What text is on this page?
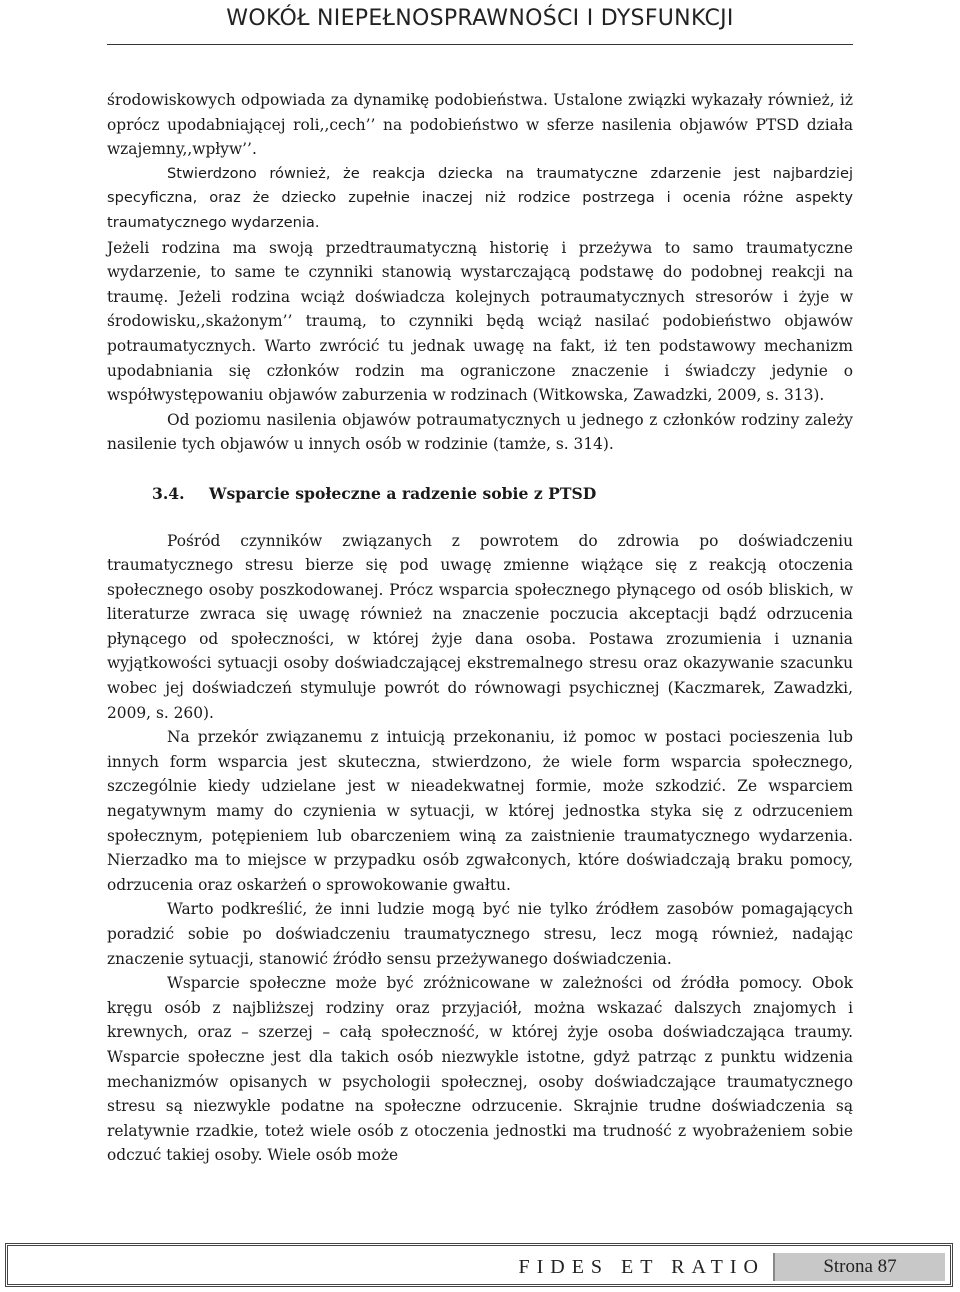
WOKÓŁ NIEPEŁNOSPRAWNOŚCI I DYSFUNKCJI

środowiskowych odpowiada za dynamikę podobieństwa. Ustalone związki wykazały również, iż oprócz upodabniającej roli,,cech’’ na podobieństwo w sferze nasilenia objawów PTSD działa wzajemny,,wpływ’’.

Stwierdzono również, że reakcja dziecka na traumatyczne zdarzenie jest najbardziej specyficzna, oraz że dziecko zupełnie inaczej niż rodzice postrzega i ocenia różne aspekty traumatycznego wydarzenia.

Jeżeli rodzina ma swoją przedtraumatyczną historię i przeżywa to samo traumatyczne wydarzenie, to same te czynniki stanowią wystarczającą podstawę do podobnej reakcji na traumę. Jeżeli rodzina wciąż doświadcza kolejnych potraumatycznych stresorów i żyje w środowisku,,skażonym’’ traumą, to czynniki będą wciąż nasilać podobieństwo objawów potraumatycznych. Warto zwrócić tu jednak uwagę na fakt, iż ten podstawowy mechanizm upodabniania się członków rodzin ma ograniczone znaczenie i świadczy jedynie o współwystępowaniu objawów zaburzenia w rodzinach (Witkowska, Zawadzki, 2009, s. 313).

Od poziomu nasilenia objawów potraumatycznych u jednego z członków rodziny zależy nasilenie tych objawów u innych osób w rodzinie (tamże, s. 314).

3.4. Wsparcie społeczne a radzenie sobie z PTSD

Pośród czynników związanych z powrotem do zdrowia po doświadczeniu traumatycznego stresu bierze się pod uwagę zmienne wiążące się z reakcją otoczenia społecznego osoby poszkodowanej. Prócz wsparcia społecznego płynącego od osób bliskich, w literaturze zwraca się uwagę również na znaczenie poczucia akceptacji bądź odrzucenia płynącego od społeczności, w której żyje dana osoba. Postawa zrozumienia i uznania wyjątkowości sytuacji osoby doświadczającej ekstremalnego stresu oraz okazywanie szacunku wobec jej doświadczeń stymuluje powrót do równowagi psychicznej (Kaczmarek, Zawadzki, 2009, s. 260).

Na przekór związanemu z intuicją przekonaniu, iż pomoc w postaci pocieszenia lub innych form wsparcia jest skuteczna, stwierdzono, że wiele form wsparcia społecznego, szczególnie kiedy udzielane jest w nieadekwatnej formie, może szkodzić. Ze wsparciem negatywnym mamy do czynienia w sytuacji, w której jednostka styka się z odrzuceniem społecznym, potępieniem lub obarczeniem winą za zaistnienie traumatycznego wydarzenia. Nierzadko ma to miejsce w przypadku osób zgwałconych, które doświadczają braku pomocy, odrzucenia oraz oskarżeń o sprowokowanie gwałtu.

Warto podkreślić, że inni ludzie mogą być nie tylko źródłem zasobów pomagających poradzić sobie po doświadczeniu traumatycznego stresu, lecz mogą również, nadając znaczenie sytuacji, stanowić źródło sensu przeżywanego doświadczenia.

Wsparcie społeczne może być zróżnicowane w zależności od źródła pomocy. Obok kręgu osób z najbliższej rodziny oraz przyjaciół, można wskazać dalszych znajomych i krewnych, oraz – szerzej – całą społeczność, w której żyje osoba doświadczająca traumy. Wsparcie społeczne jest dla takich osób niezwykle istotne, gdyż patrząc z punktu widzenia mechanizmów opisanych w psychologii społecznej, osoby doświadczające traumatycznego stresu są niezwykle podatne na społeczne odrzucenie. Skrajnie trudne doświadczenia są relatywnie rzadkie, toteż wiele osób z otoczenia jednostki ma trudność z wyobrażeniem sobie odczuć takiej osoby. Wiele osób może

FIDES ET RATIO	Strona 87
